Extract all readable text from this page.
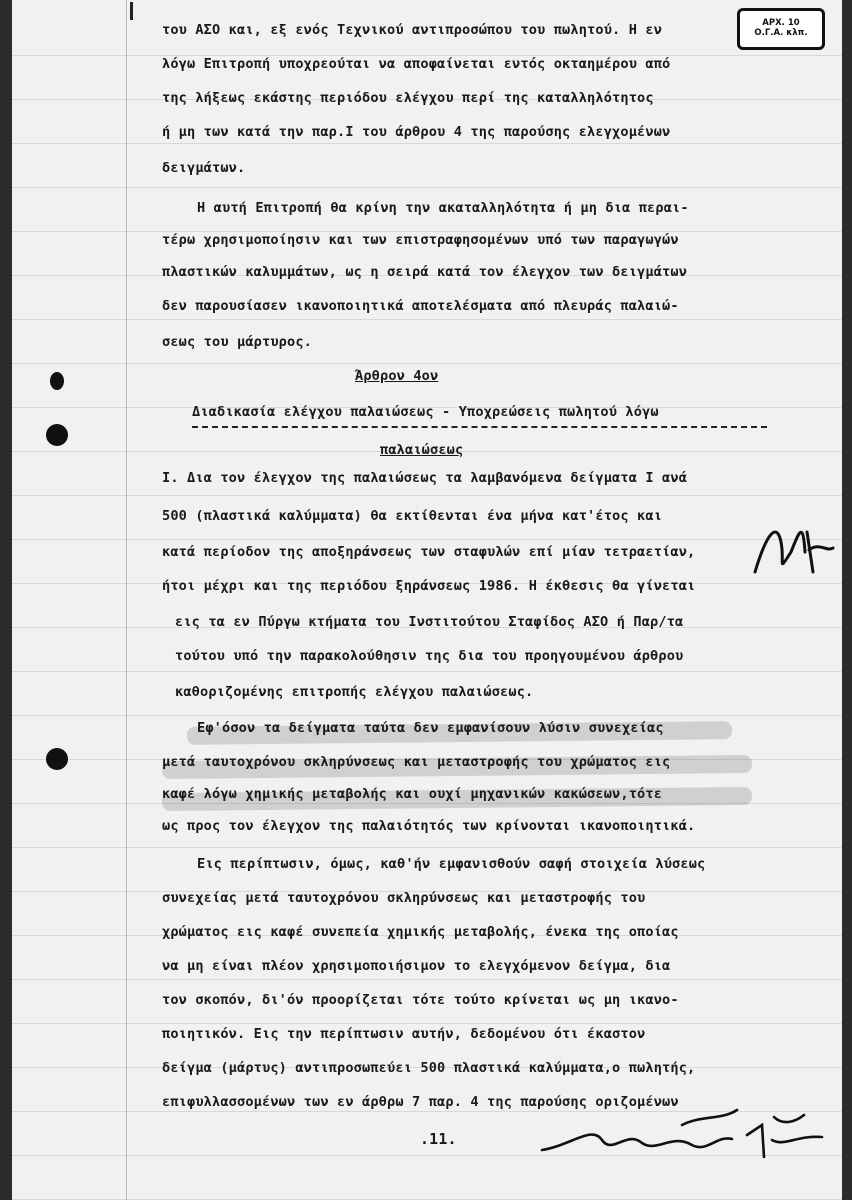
ΑΡΧ. 10
Ο.Γ.Α. κλπ.
του ΑΣΟ και, εξ ενός Τεχνικού αντιπροσώπου του πωλητού. Η εν
λόγω Επιτροπή υποχρεούται να αποφαίνεται εντός οκταημέρου από
της λήξεως εκάστης περιόδου ελέγχου περί της καταλληλότητος
ή μη των κατά την παρ.Ι του άρθρου 4 της παρούσης ελεγχομένων
δειγμάτων.
Η αυτή Επιτροπή θα κρίνη την ακαταλληλότητα ή μη δια περαι-
τέρω χρησιμοποίησιν και των επιστραφησομένων υπό των παραγωγών
πλαστικών καλυμμάτων, ως η σειρά κατά τον έλεγχον των δειγμάτων
δεν παρουσίασεν ικανοποιητικά αποτελέσματα από πλευράς παλαιώ-
σεως του μάρτυρος.
Άρθρον 4ον
Διαδικασία ελέγχου παλαιώσεως - Υποχρεώσεις πωλητού λόγω
παλαιώσεως
Ι. Δια τον έλεγχον της παλαιώσεως τα λαμβανόμενα δείγματα Ι ανά
500 (πλαστικά καλύμματα) θα εκτίθενται ένα μήνα κατ'έτος και
κατά περίοδον της αποξηράνσεως των σταφυλών επί μίαν τετραετίαν,
ήτοι μέχρι και της περιόδου ξηράνσεως 1986. Η έκθεσις θα γίνεται
εις τα εν Πύργω κτήματα του Ινστιτούτου Σταφίδος ΑΣΟ ή Παρ/τα
τούτου υπό την παρακολούθησιν της δια του προηγουμένου άρθρου
καθοριζομένης επιτροπής ελέγχου παλαιώσεως.
Εφ'όσον τα δείγματα ταύτα δεν εμφανίσουν λύσιν συνεχείας
μετά ταυτοχρόνου σκληρύνσεως και μεταστροφής του χρώματος εις
καφέ λόγω χημικής μεταβολής και ουχί μηχανικών κακώσεων,τότε
ως προς τον έλεγχον της παλαιότητός των κρίνονται ικανοποιητικά.
Εις περίπτωσιν, όμως, καθ'ήν εμφανισθούν σαφή στοιχεία λύσεως
συνεχείας μετά ταυτοχρόνου σκληρύνσεως και μεταστροφής του
χρώματος εις καφέ συνεπεία χημικής μεταβολής, ένεκα της οποίας
να μη είναι πλέον χρησιμοποιήσιμον το ελεγχόμενον δείγμα, δια
τον σκοπόν, δι'όν προορίζεται τότε τούτο κρίνεται ως μη ικανο-
ποιητικόν. Εις την περίπτωσιν αυτήν, δεδομένου ότι έκαστον
δείγμα (μάρτυς) αντιπροσωπεύει 500 πλαστικά καλύμματα,ο πωλητής,
επιφυλλασσομένων των εν άρθρω 7 παρ. 4 της παρούσης οριζομένων
.11.
